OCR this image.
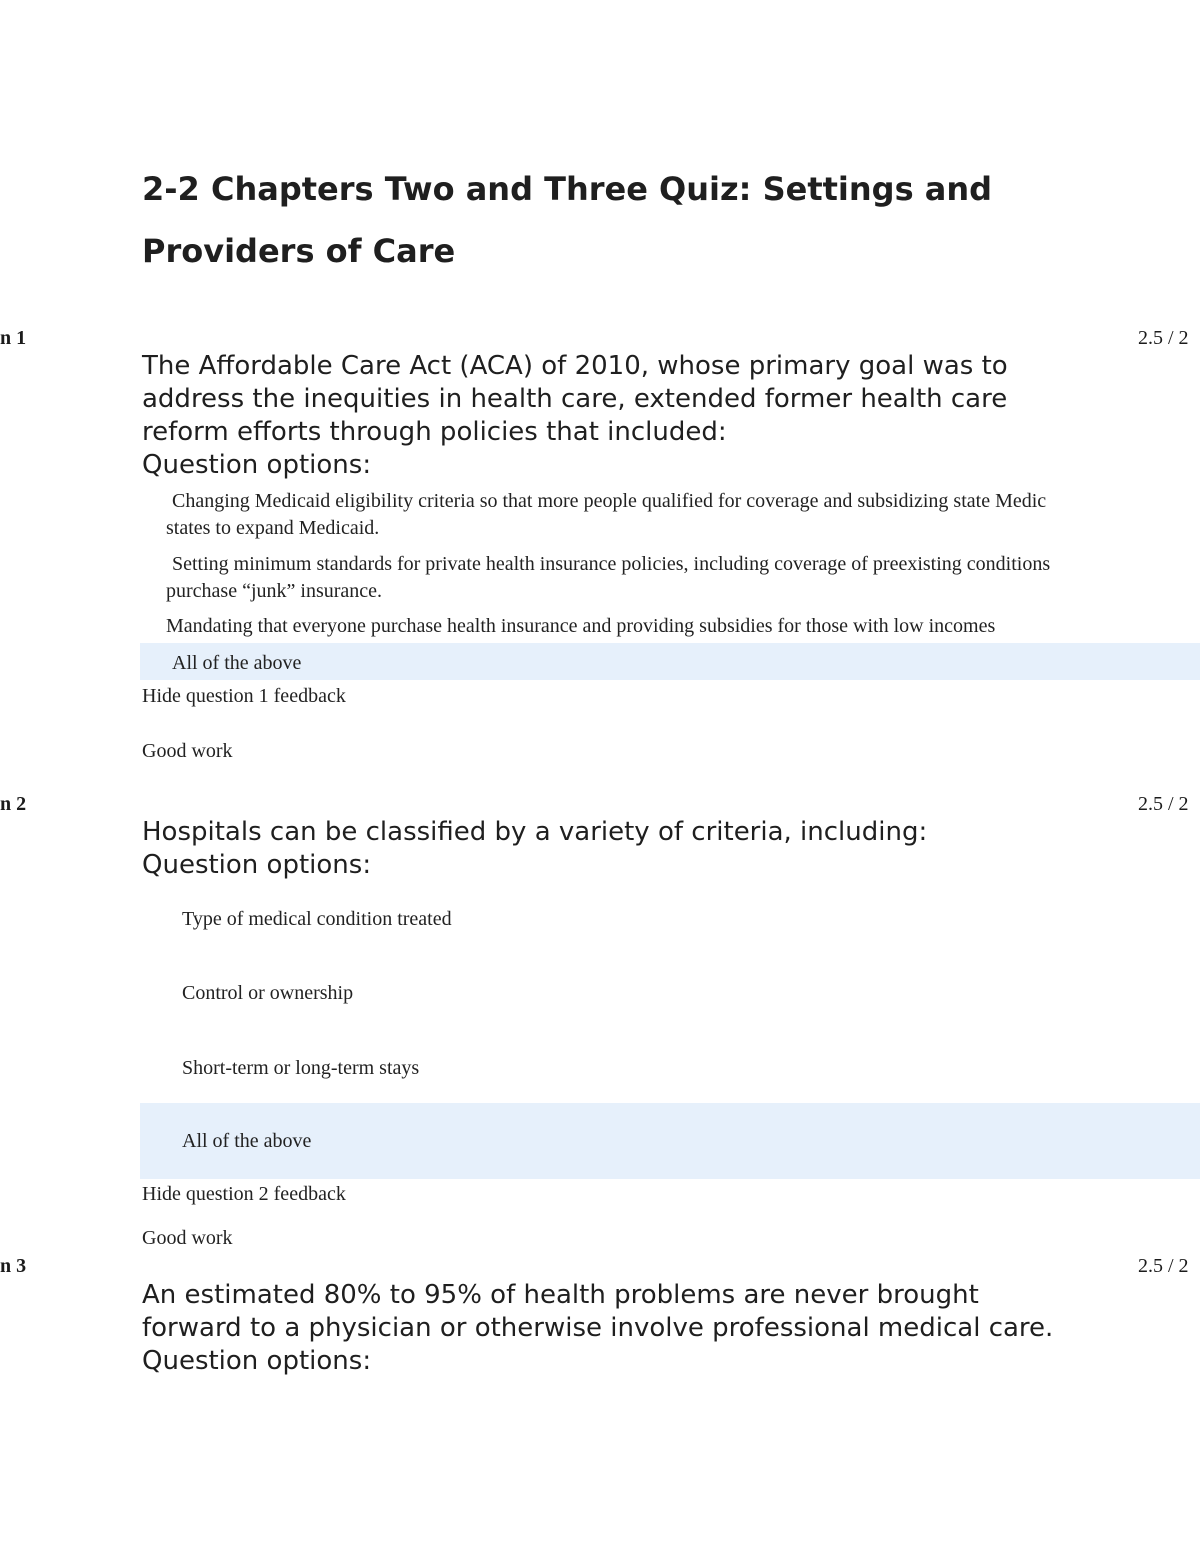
2-2 Chapters Two and Three Quiz: Settings and Providers of Care
n 1	2.5 / 2

The Affordable Care Act (ACA) of 2010, whose primary goal was to address the inequities in health care, extended former health care reform efforts through policies that included:
Question options:

Changing Medicaid eligibility criteria so that more people qualified for coverage and subsidizing state Medic
states to expand Medicaid.
Setting minimum standards for private health insurance policies, including coverage of preexisting conditions
purchase “junk” insurance.
Mandating that everyone purchase health insurance and providing subsidies for those with low incomes
All of the above
Hide question 1 feedback
Good work
n 2	2.5 / 2

Hospitals can be classified by a variety of criteria, including:
Question options:

Type of medical condition treated
Control or ownership
Short-term or long-term stays
All of the above
Hide question 2 feedback
Good work
n 3	2.5 / 2

An estimated 80% to 95% of health problems are never brought forward to a physician or otherwise involve professional medical care.
Question options:
